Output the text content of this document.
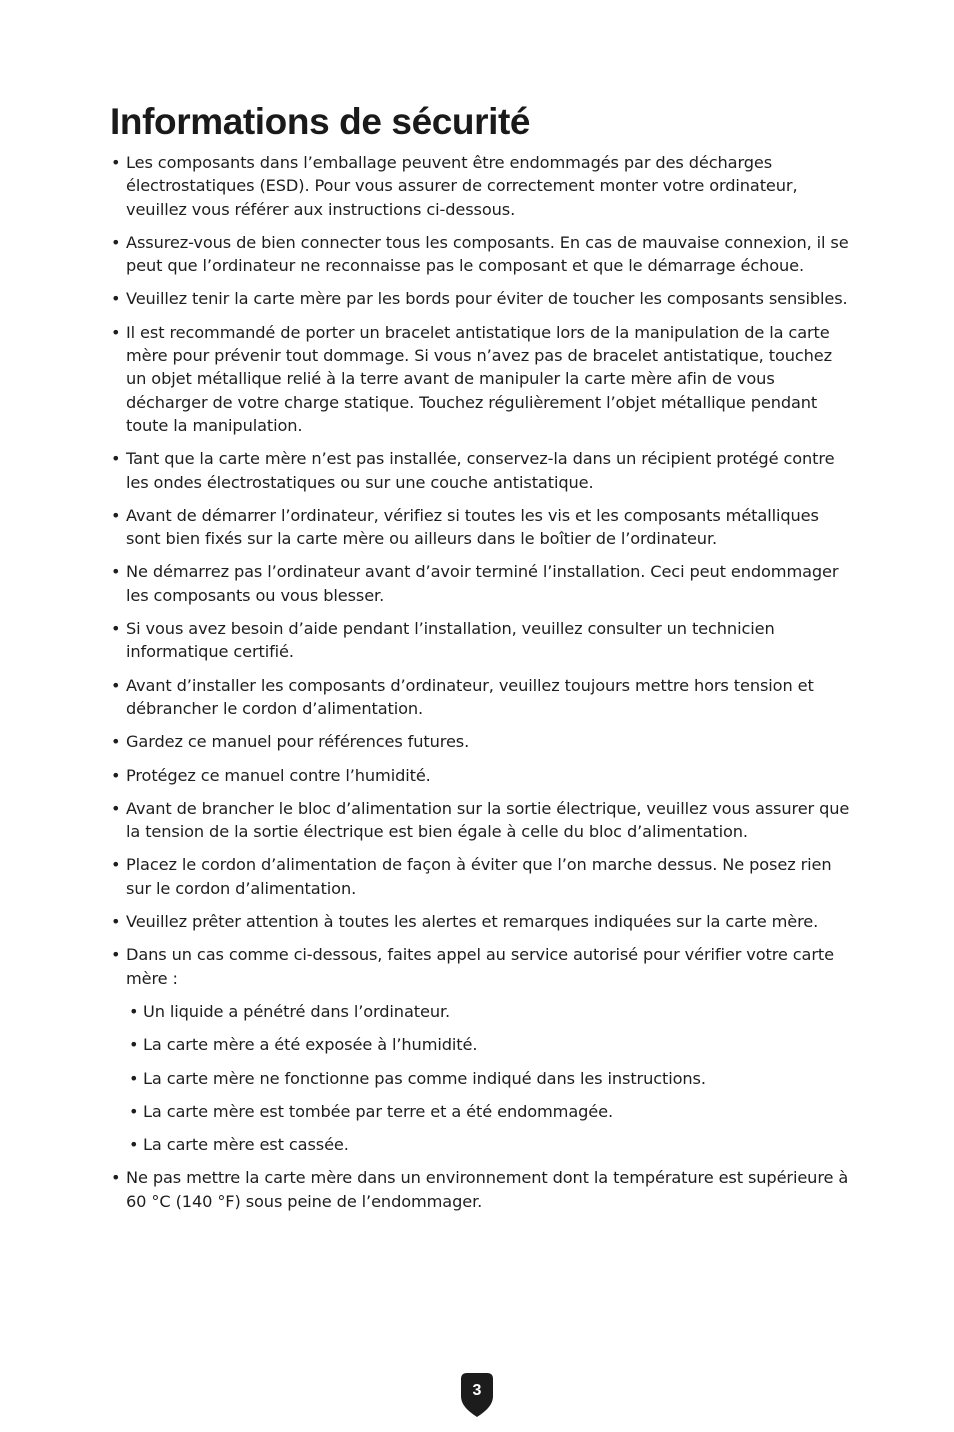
Informations de sécurité
• Les composants dans l’emballage peuvent être endommagés par des décharges électrostatiques (ESD). Pour vous assurer de correctement monter votre ordinateur, veuillez vous référer aux instructions ci-dessous.
• Assurez-vous de bien connecter tous les composants. En cas de mauvaise connexion, il se peut que l’ordinateur ne reconnaisse pas le composant et que le démarrage échoue.
• Veuillez tenir la carte mère par les bords pour éviter de toucher les composants sensibles.
• Il est recommandé de porter un bracelet antistatique lors de la manipulation de la carte mère pour prévenir tout dommage. Si vous n’avez pas de bracelet antistatique, touchez un objet métallique relié à la terre avant de manipuler la carte mère afin de vous décharger de votre charge statique. Touchez régulièrement l’objet métallique pendant toute la manipulation.
• Tant que la carte mère n’est pas installée, conservez-la dans un récipient protégé contre les ondes électrostatiques ou sur une couche antistatique.
• Avant de démarrer l’ordinateur, vérifiez si toutes les vis et les composants métalliques sont bien fixés sur la carte mère ou ailleurs dans le boîtier de l’ordinateur.
• Ne démarrez pas l’ordinateur avant d’avoir terminé l’installation. Ceci peut endommager les composants ou vous blesser.
• Si vous avez besoin d’aide pendant l’installation, veuillez consulter un technicien informatique certifié.
• Avant d’installer les composants d’ordinateur, veuillez toujours mettre hors tension et débrancher le cordon d’alimentation.
• Gardez ce manuel pour références futures.
• Protégez ce manuel contre l’humidité.
• Avant de brancher le bloc d’alimentation sur la sortie électrique, veuillez vous assurer que la tension de la sortie électrique est bien égale à celle du bloc d’alimentation.
• Placez le cordon d’alimentation de façon à éviter que l’on marche dessus. Ne posez rien sur le cordon d’alimentation.
• Veuillez prêter attention à toutes les alertes et remarques indiquées sur la carte mère.
• Dans un cas comme ci-dessous, faites appel au service autorisé pour vérifier votre carte mère :
• Un liquide a pénétré dans l’ordinateur.
• La carte mère a été exposée à l’humidité.
• La carte mère ne fonctionne pas comme indiqué dans les instructions.
• La carte mère est tombée par terre et a été endommagée.
• La carte mère est cassée.
• Ne pas mettre la carte mère dans un environnement dont la température est supérieure à 60 °C (140 °F) sous peine de l’endommager.
3
